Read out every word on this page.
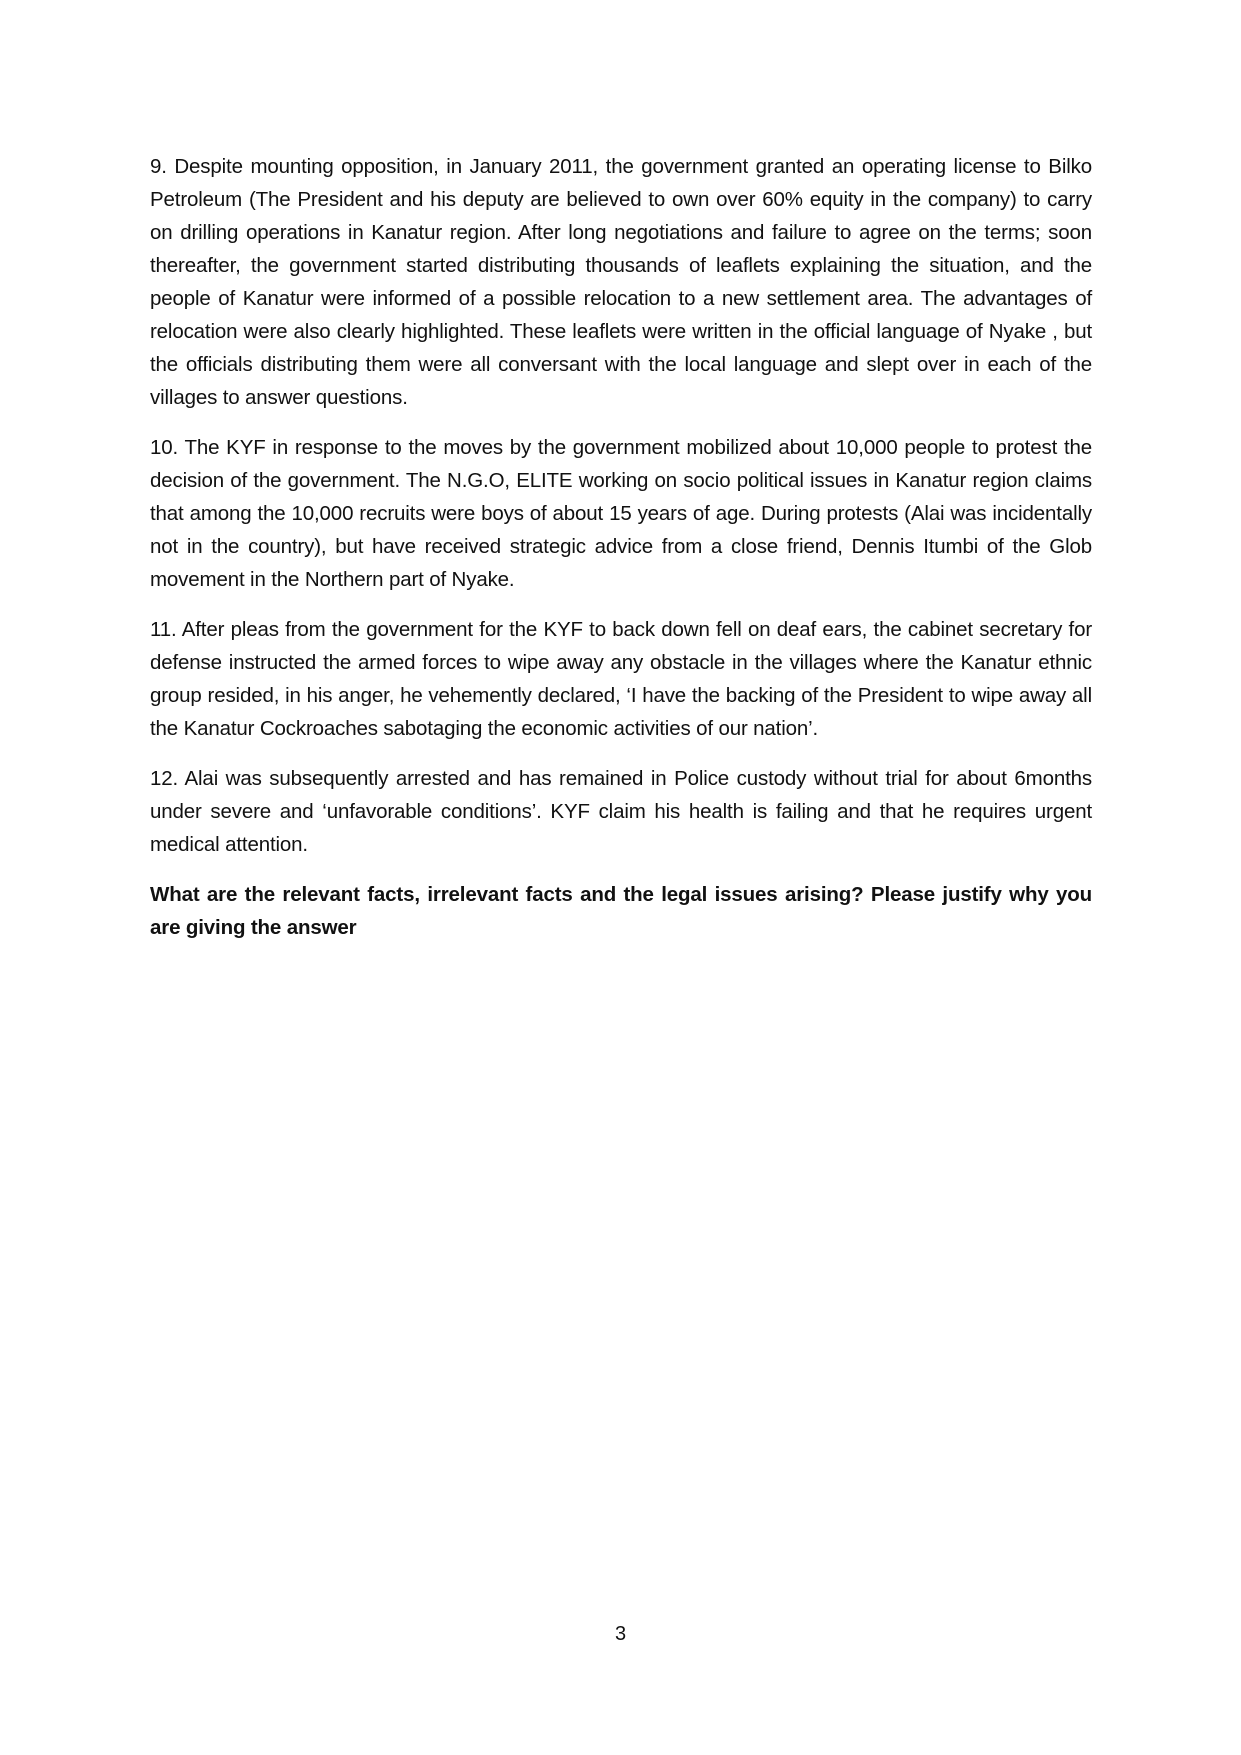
9. Despite mounting opposition, in January 2011, the government granted an operating license to Bilko Petroleum (The President and his deputy are believed to own over 60% equity in the company) to carry on drilling operations in Kanatur region. After long negotiations and failure to agree on the terms; soon thereafter, the government started distributing thousands of leaflets explaining the situation, and the people of Kanatur were informed of a possible relocation to a new settlement area. The advantages of relocation were also clearly highlighted. These leaflets were written in the official language of Nyake , but the officials distributing them were all conversant with the local language and slept over in each of the villages to answer questions.

10. The KYF in response to the moves by the government mobilized about 10,000 people to protest the decision of the government. The N.G.O, ELITE working on socio political issues in Kanatur region claims that among the 10,000 recruits were boys of about 15 years of age. During protests (Alai was incidentally not in the country), but have received strategic advice from a close friend, Dennis Itumbi of the Glob movement in the Northern part of Nyake.

11. After pleas from the government for the KYF to back down fell on deaf ears, the cabinet secretary for defense instructed the armed forces to wipe away any obstacle in the villages where the Kanatur ethnic group resided, in his anger, he vehemently declared, ‘I have the backing of the President to wipe away all the Kanatur Cockroaches sabotaging the economic activities of our nation’.

12. Alai was subsequently arrested and has remained in Police custody without trial for about 6months under severe and ‘unfavorable conditions’. KYF claim his health is failing and that he requires urgent medical attention.

What are the relevant facts, irrelevant facts and the legal issues arising? Please justify why you are giving the answer

3
